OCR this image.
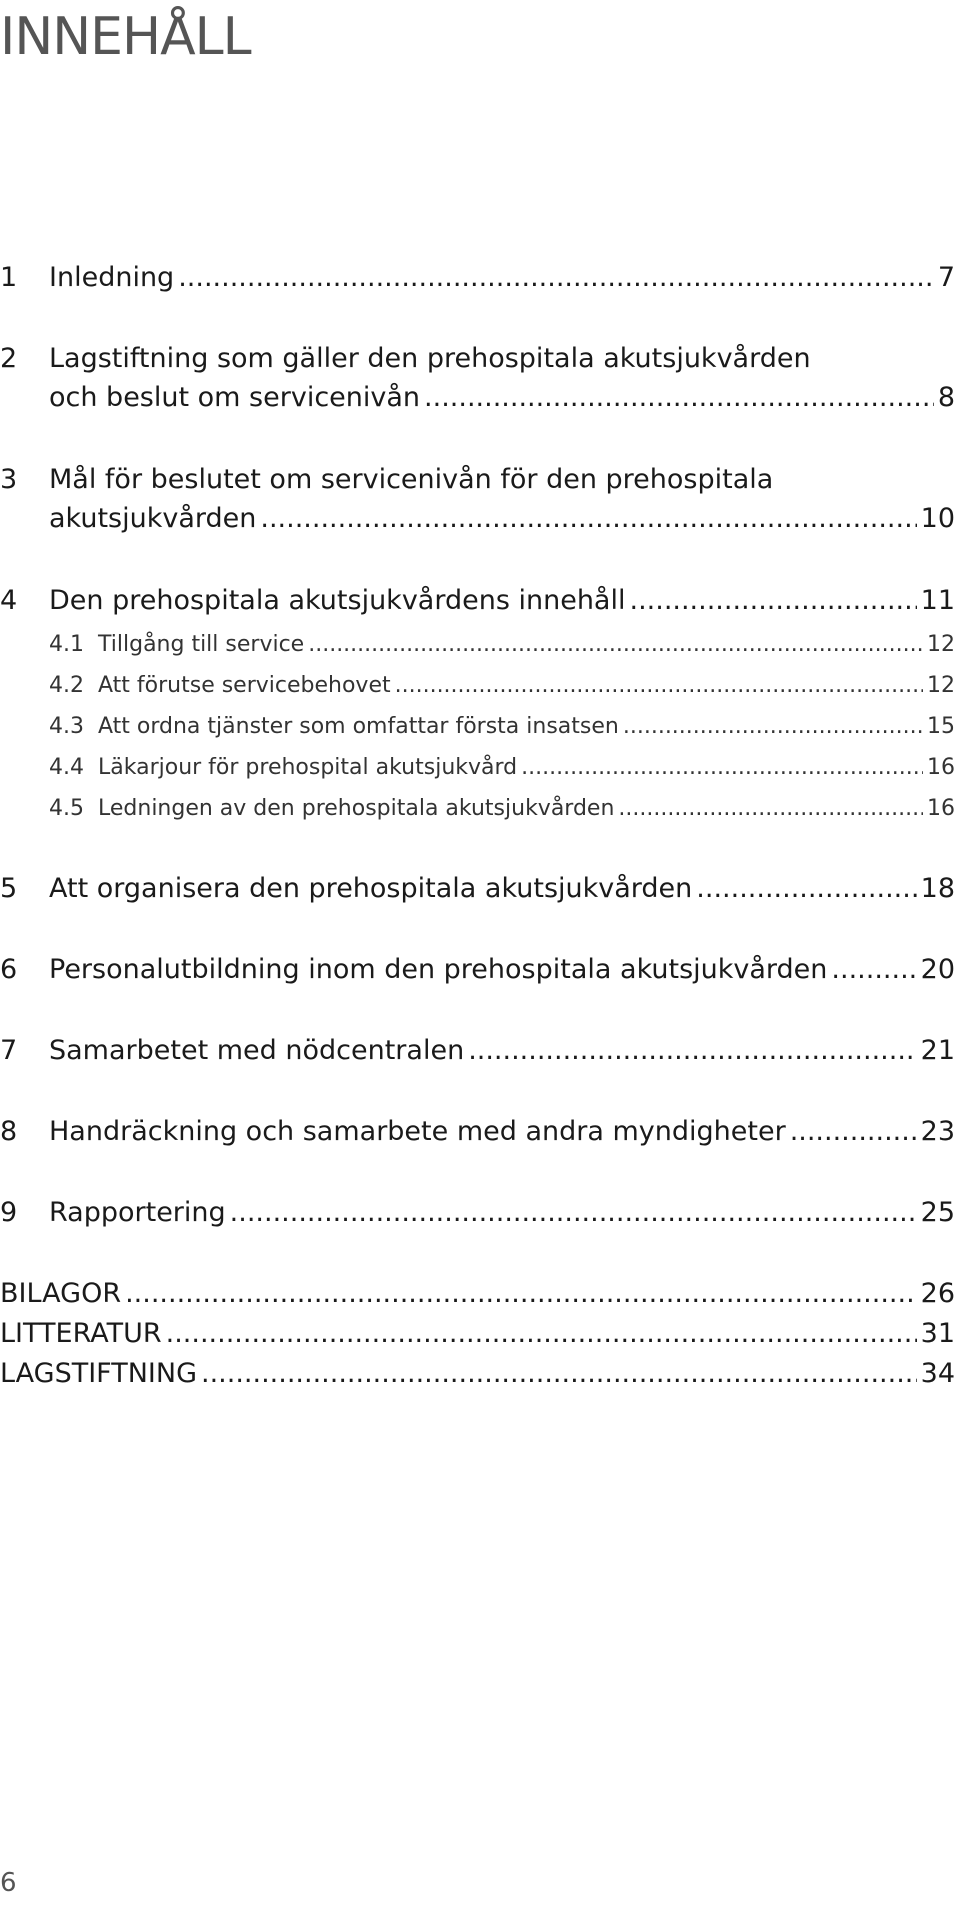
INNEHÅLL
1	Inledning .....	7
2	Lagstiftning som gäller den prehospitala akutsjukvården
och beslut om servicenivån .....	8
3	Mål för beslutet om servicenivån för den prehospitala
akutsjukvården .....	10
4	Den prehospitala akutsjukvårdens innehåll .....	11
4.1 Tillgång till service .....	12
4.2 Att förutse servicebehovet .....	12
4.3 Att ordna tjänster som omfattar första insatsen .....	15
4.4 Läkarjour för prehospital akutsjukvård .....	16
4.5 Ledningen av den prehospitala akutsjukvården .....	16
5	Att organisera den prehospitala akutsjukvården .....	18
6	Personalutbildning inom den prehospitala akutsjukvården .....	20
7	Samarbetet med nödcentralen .....	21
8	Handräckning och samarbete med andra myndigheter .....	23
9	Rapportering .....	25
BILAGOR .....	26
LITTERATUR .....	31
LAGSTIFTNING .....	34
6
